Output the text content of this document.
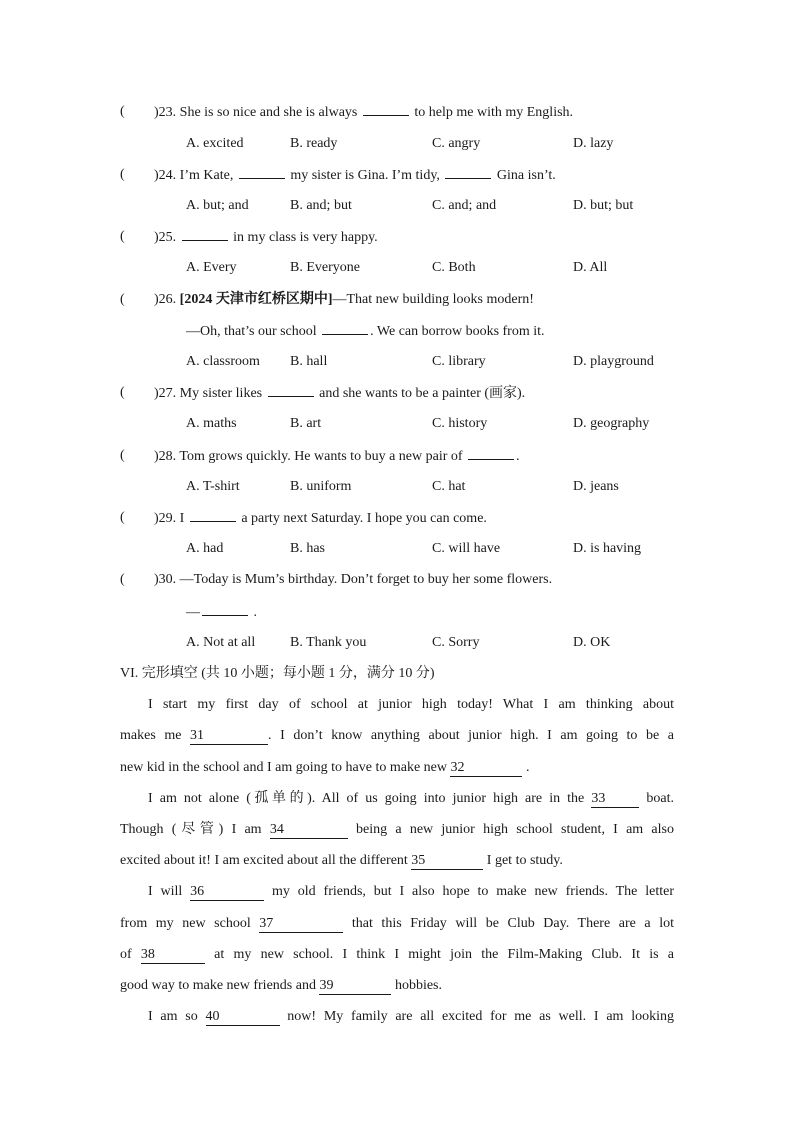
( )23. She is so nice and she is always	to help me with my English.
A. excited	B. ready	C. angry	D. lazy
( )24. I’m Kate,	my sister is Gina. I’m tidy,	Gina isn’t.
A. but; and	B. and; but	C. and; and	D. but; but
( )25.	in my class is very happy.
A. Every	B. Everyone	C. Both	D. All
( )26. [2024 天津市红桥区期中]—That new building looks modern!
—Oh, that’s our school	. We can borrow books from it.
A. classroom B. hall	C. library	D. playground
( )27. My sister likes	and she wants to be a painter (画家).
A. maths	B. art	C. history	D. geography
( )28. Tom grows quickly. He wants to buy a new pair of	.
A. T-shirt	B. uniform	C. hat	D. jeans
( )29. I	a party next Saturday. I hope you can come.
A. had	B. has	C. will have	D. is having
( )30. —Today is Mum’s birthday. Don’t forget to buy her some flowers.
—	.
A. Not at all B. Thank you	C. Sorry	D. OK
VI. 完形填空 (共 10 小题；每小题 1 分，满分 10 分)
I start my first day of school at junior high today! What I am thinking about
makes me 31	. I don’t know anything about junior high. I am going to be a
new kid in the school and I am going to have to make new 32	.
I am not alone (孤单的). All of us going into junior high are in the 33 boat.
Though (尽管) I am 34	being a new junior high school student, I am also
excited about it! I am excited about all the different 35	I get to study.
I will 36	my old friends, but I also hope to make new friends. The letter
from my new school 37	that this Friday will be Club Day. There are a lot
of 38	at my new school. I think I might join the Film-Making Club. It is a
good way to make new friends and 39	hobbies.
I am so 40	now! My family are all excited for me as well. I am looking
